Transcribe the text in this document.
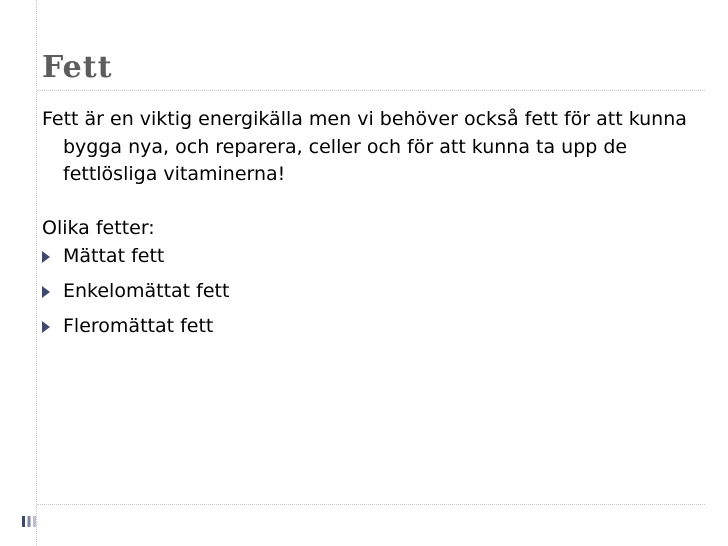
Fett

Fett är en viktig energikälla men vi behöver också fett för att kunna bygga nya, och reparera, celler och för att kunna ta upp de fettlösliga vitaminerna!

Olika fetter:

Mättat fett
Enkelomättat fett
Fleromättat fett
